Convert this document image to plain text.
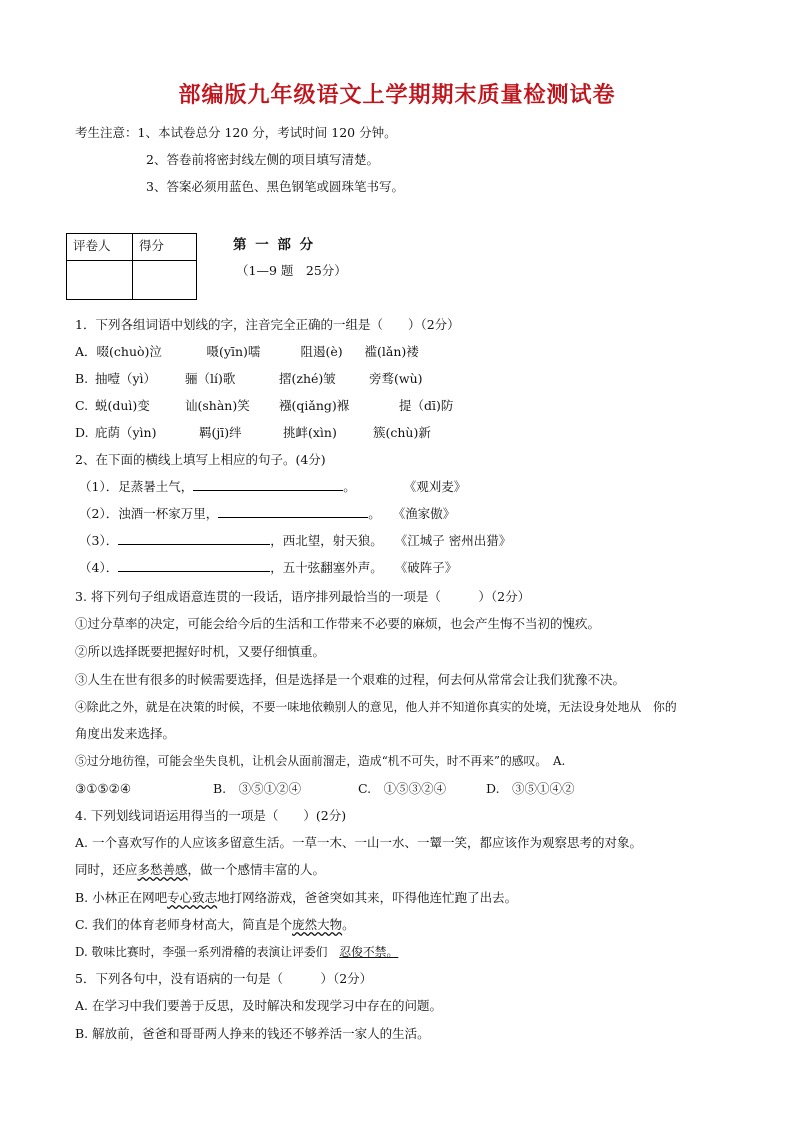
部编版九年级语文上学期期末质量检测试卷
考生注意：1、本试卷总分 120 分，考试时间 120 分钟。
2、答卷前将密封线左侧的项目填写清楚。
3、答案必须用蓝色、黑色钢笔或圆珠笔书写。
评卷人	得分
		第 一 部 分
（1—9 题　25分）
1．下列各组词语中划线的字，注音完全正确的一组是（　　）（2分）
A．啜(chuò)泣	嗫(yīn)嚅	阻遏(è) 褴(lǎn)褛
B. 抽噎（yì） 骊（lí)歌	摺(zhé)皱	旁骛(wù)
C. 蜕(duì)变	讪(shàn)笑 襁(qiǎng)褓	提（dī)防
D. 庇荫（yìn)	羁(jī)绊	挑衅(xìn)	簇(chù)新
2、在下面的横线上填写上相应的句子。(4分)
（1）．足蒸暑土气，	。	《观刈麦》
（2）．浊酒一杯家万里，	。 《渔家傲》
（3）．	，西北望，射天狼。 《江城子 密州出猎》
（4）．	，五十弦翻塞外声。 《破阵子》
3. 将下列句子组成语意连贯的一段话，语序排列最恰当的一项是（　　　）（2分）
①过分草率的决定，可能会给今后的生活和工作带来不必要的麻烦，也会产生悔不当初的愧疚。
②所以选择既要把握好时机，又要仔细慎重。
③人生在世有很多的时候需要选择，但是选择是一个艰难的过程，何去何从常常会让我们犹豫不决。
④除此之外，就是在决策的时候，不要一味地依赖别人的意见，他人并不知道你真实的处境，无法设身处地从　你的
角度出发来选择。
⑤过分地彷徨，可能会坐失良机，让机会从面前溜走，造成“机不可失，时不再来”的感叹。　A.
③①⑤②④	B.　③⑤①②④	C.　①⑤③②④	D.　③⑤①④②
4. 下列划线词语运用得当的一项是（　　）(2分)
A. 一个喜欢写作的人应该多留意生活。一草一木、一山一水、一颦一笑，都应该作为观察思考的对象。
同时，还应多愁善感，做一个感情丰富的人。
B. 小林正在网吧专心致志地打网络游戏，爸爸突如其来，吓得他连忙跑了出去。
C. 我们的体育老师身材高大，简直是个庞然大物。
D. 敬味比赛时，李强一系列滑稽的表演让评委们　忍俊不禁。
5．下列各句中，没有语病的一句是（　　　）（2分）
A. 在学习中我们要善于反思，及时解决和发现学习中存在的问题。
B. 解放前，爸爸和哥哥两人挣来的钱还不够养活一家人的生活。
